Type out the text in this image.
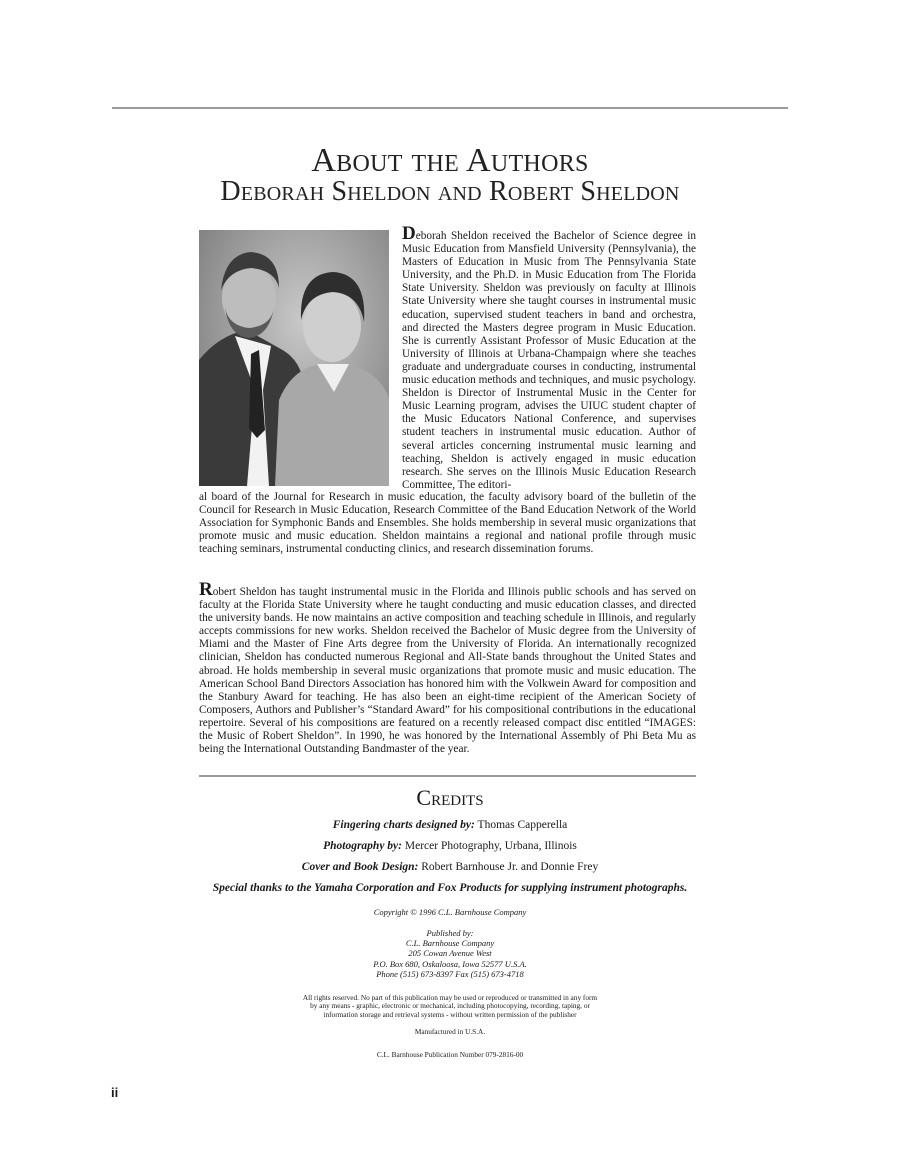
About the Authors
Deborah Sheldon and Robert Sheldon
Deborah Sheldon received the Bachelor of Science degree in Music Education from Mansfield University (Pennsylvania), the Masters of Education in Music from The Pennsylvania State University, and the Ph.D. in Music Education from The Florida State University. Sheldon was previously on faculty at Illinois State University where she taught courses in instrumental music education, supervised student teachers in band and orchestra, and directed the Masters degree program in Music Education. She is currently Assistant Professor of Music Education at the University of Illinois at Urbana-Champaign where she teaches graduate and undergraduate courses in conducting, instrumental music education methods and techniques, and music psychology. Sheldon is Director of Instrumental Music in the Center for Music Learning program, advises the UIUC student chapter of the Music Educators National Conference, and supervises student teachers in instrumental music education. Author of several articles concerning instrumental music learning and teaching, Sheldon is actively engaged in music education research. She serves on the Illinois Music Education Research Committee, The editori-
al board of the Journal for Research in music education, the faculty advisory board of the bulletin of the Council for Research in Music Education, Research Committee of the Band Education Network of the World Association for Symphonic Bands and Ensembles. She holds membership in several music organizations that promote music and music education. Sheldon maintains a regional and national profile through music teaching seminars, instrumental conducting clinics, and research dissemination forums.
Robert Sheldon has taught instrumental music in the Florida and Illinois public schools and has served on faculty at the Florida State University where he taught conducting and music education classes, and directed the university bands. He now maintains an active composition and teaching schedule in Illinois, and regularly accepts commissions for new works. Sheldon received the Bachelor of Music degree from the University of Miami and the Master of Fine Arts degree from the University of Florida. An internationally recognized clinician, Sheldon has conducted numerous Regional and All-State bands throughout the United States and abroad. He holds membership in several music organizations that promote music and music education. The American School Band Directors Association has honored him with the Volkwein Award for composition and the Stanbury Award for teaching. He has also been an eight-time recipient of the American Society of Composers, Authors and Publisher’s “Standard Award” for his compositional contributions in the educational repertoire. Several of his compositions are featured on a recently released compact disc entitled “IMAGES: the Music of Robert Sheldon”. In 1990, he was honored by the International Assembly of Phi Beta Mu as being the International Outstanding Bandmaster of the year.
Credits
Fingering charts designed by: Thomas Capperella
Photography by: Mercer Photography, Urbana, Illinois
Cover and Book Design: Robert Barnhouse Jr. and Donnie Frey
Special thanks to the Yamaha Corporation and Fox Products for supplying instrument photographs.
Copyright © 1996 C.L. Barnhouse Company
Published by:
C.L. Barnhouse Company
205 Cowan Avenue West
P.O. Box 680, Oskaloosa, Iowa 52577 U.S.A.
Phone (515) 673-8397 Fax (515) 673-4718
All rights reserved. No part of this publication may be used or reproduced or transmitted in any form
by any means - graphic, electronic or mechanical, including photocopying, recording, taping, or
information storage and retrieval systems - without written permission of the publisher
Manufactured in U.S.A.
C.L. Barnhouse Publication Number 079-2816-00
ii
